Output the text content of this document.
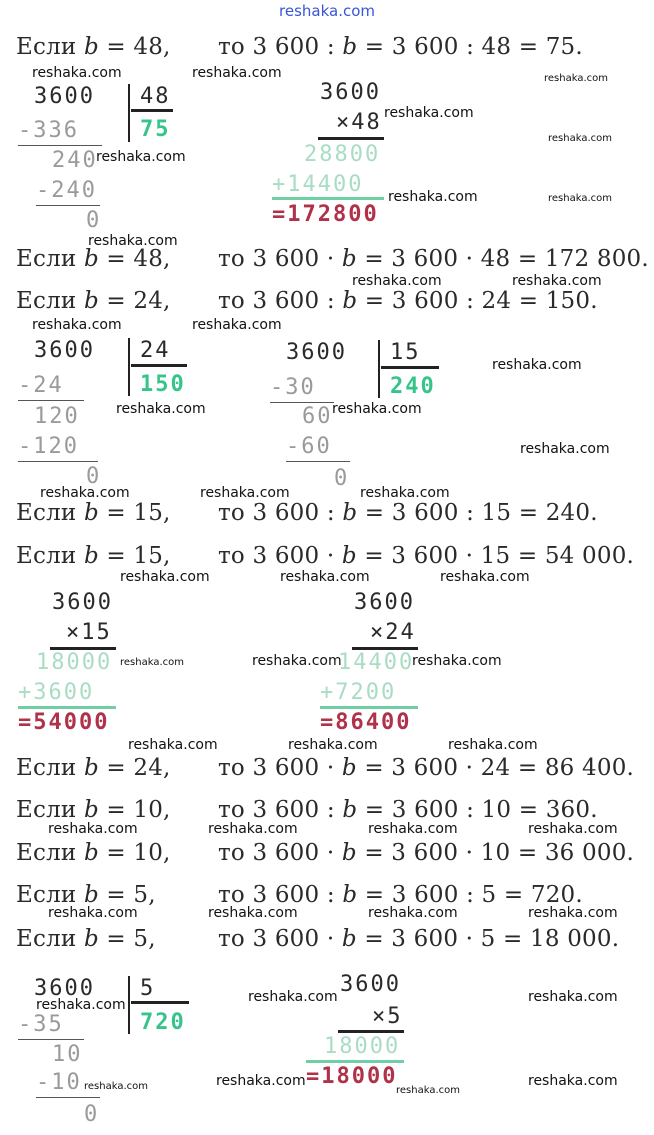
reshaka.com
Если b = 48, то 3 600 : b = 3 600 : 48 = 75.
Если b = 48, то 3 600 · b = 3 600 · 48 = 172 800.
Если b = 24, то 3 600 : b = 3 600 : 24 = 150.
Если b = 15, то 3 600 : b = 3 600 : 15 = 240.
Если b = 15, то 3 600 · b = 3 600 · 15 = 54 000.
Если b = 24, то 3 600 · b = 3 600 · 24 = 86 400.
Если b = 10, то 3 600 : b = 3 600 : 10 = 360.
Если b = 10, то 3 600 · b = 3 600 · 10 = 36 000.
Если b = 5,	то 3 600 : b = 3 600 : 5 = 720.
Если b = 5,	то 3 600 · b = 3 600 · 5 = 18 000.
3600 48
75
-336
240
-240
0
3600
×48
28800
+14400
=172800
3600 24
150
-24
120
-120
0
3600 15
240
-30
60
-60
0
3600
×15
18000
+3600
=54000
3600
×24
14400
+7200
=86400
3600 5
720
-35
10
-10
0
3600
×5
18000
=18000
reshaka.com	reshaka.com	reshaka.com
reshaka.com
reshaka.com
reshaka.com
reshaka.com	reshaka.com
reshaka.com
reshaka.com	reshaka.com
reshaka.com	reshaka.com
reshaka.com
reshaka.com	reshaka.com
reshaka.com
reshaka.com	reshaka.com	reshaka.com
reshaka.com	reshaka.com	reshaka.com
reshaka.com	reshaka.com	reshaka.com
reshaka.com	reshaka.com	reshaka.com
reshaka.com	reshaka.com	reshaka.com	reshaka.com
reshaka.com	reshaka.com	reshaka.com	reshaka.com
reshaka.com	reshaka.com
reshaka.com
reshaka.com	reshaka.com	reshaka.com
reshaka.com
